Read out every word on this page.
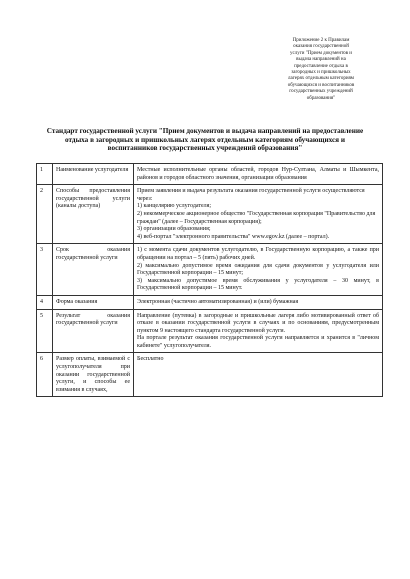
Приложение 2 к Правилам
оказания государственной
услуги "Прием документов и
выдача направлений на
предоставление отдыха в
загородных и пришкольных
лагерях отдельным категориям
обучающихся и воспитанников
государственных учреждений
образования"
Стандарт государственной услуги "Прием документов и выдача направлений на предоставление
отдыха в загородных и пришкольных лагерях отдельным категориям обучающихся и
воспитанников государственных учреждений образования"
1	Наименование услугодателя	Местные исполнительные органы областей, городов Нур-Султана, Алматы и Шымкента, районов и городов областного значения, организации образования

2	Способы предоставления государственной услуги (каналы доступа)	Прием заявления и выдача результата оказания государственной услуги осуществляются через:
1) канцелярию услугодателя;
2) некоммерческое акционерное общество "Государственная корпорация "Правительство для граждан" (далее – Государственная корпорация);
3) организации образования;
4) веб-портал "электронного правительства" www.egov.kz (далее – портал).

3	Срок оказания государственной услуги	1) с момента сдачи документов услугодателю, в Государственную корпорацию, а также при обращении на портал – 5 (пять) рабочих дней.
2) максимально допустимое время ожидания для сдачи документов у услугодателя или Государственной корпорации – 15 минут;
3) максимально допустимое время обслуживания у услугодателя – 30 минут, в Государственной корпорации – 15 минут.

4	Форма оказания	Электронная (частично автоматизированная) и (или) бумажная

5	Результат оказания государственной услуги	Направление (путевка) в загородные и пришкольные лагеря либо мотивированный ответ об отказе в оказании государственной услуги в случаях и по основаниям, предусмотренным пунктом 9 настоящего стандарта государственной услуги.
На портале результат оказания государственной услуги направляется и хранится в "личном кабинете" услугополучателя.

6	Размер оплаты, взимаемой с услугополучателя при оказании государственной услуги, и способы ее взимания в случаях,	Бесплатно
